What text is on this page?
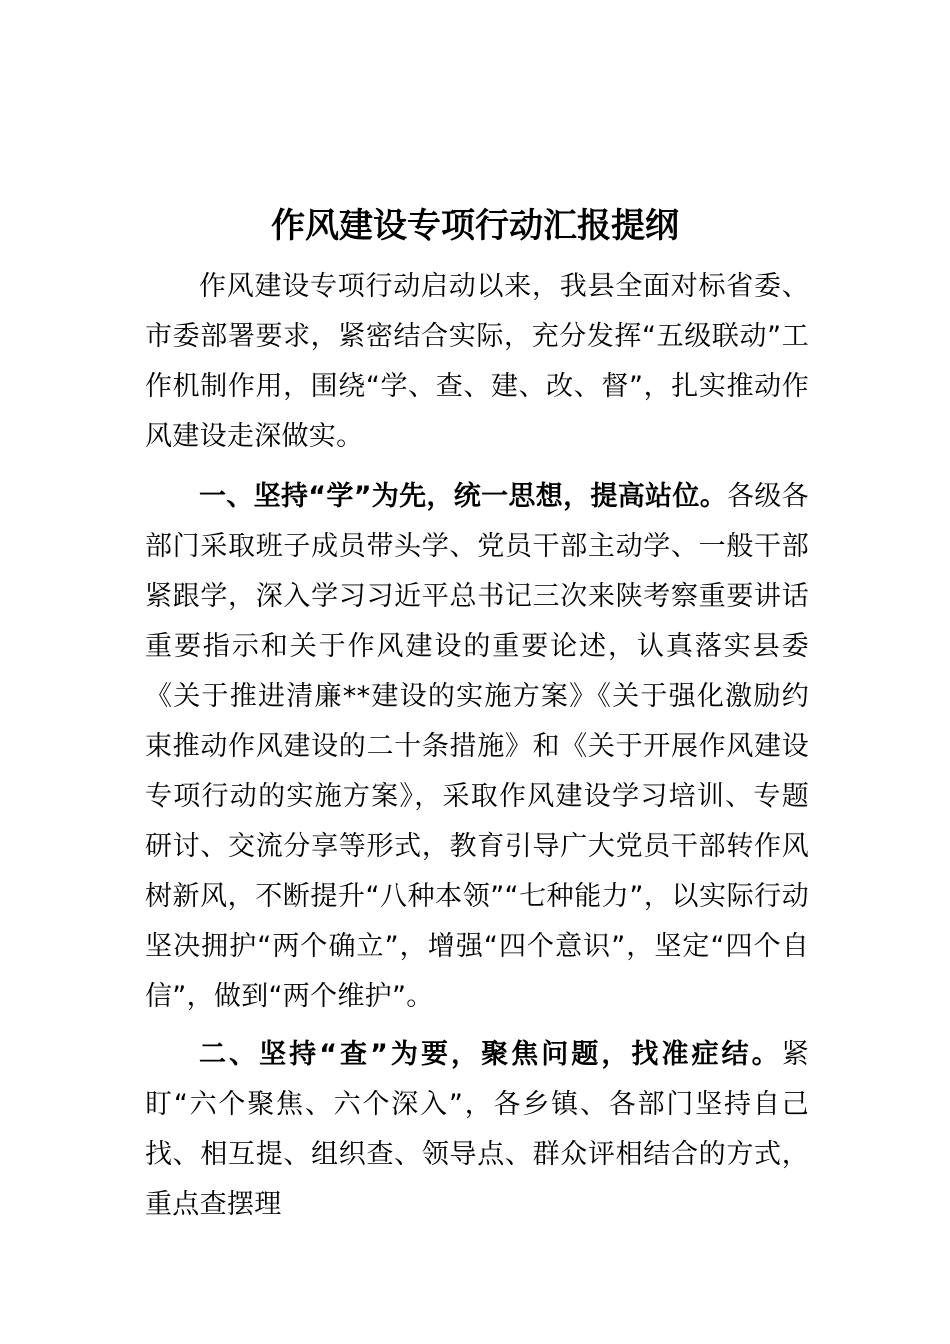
作风建设专项行动汇报提纲

作风建设专项行动启动以来，我县全面对标省委、市委部署要求，紧密结合实际，充分发挥“五级联动”工作机制作用，围绕“学、查、建、改、督”，扎实推动作风建设走深做实。

一、坚持“学”为先，统一思想，提高站位。各级各部门采取班子成员带头学、党员干部主动学、一般干部紧跟学，深入学习习近平总书记三次来陕考察重要讲话重要指示和关于作风建设的重要论述，认真落实县委《关于推进清廉**建设的实施方案》《关于强化激励约束推动作风建设的二十条措施》和《关于开展作风建设专项行动的实施方案》，采取作风建设学习培训、专题研讨、交流分享等形式，教育引导广大党员干部转作风树新风，不断提升“八种本领”“七种能力”，以实际行动坚决拥护“两个确立”，增强“四个意识”，坚定“四个自信”，做到“两个维护”。

二、坚持“查”为要，聚焦问题，找准症结。紧盯“六个聚焦、六个深入”，各乡镇、各部门坚持自己找、相互提、组织查、领导点、群众评相结合的方式，重点查摆理
